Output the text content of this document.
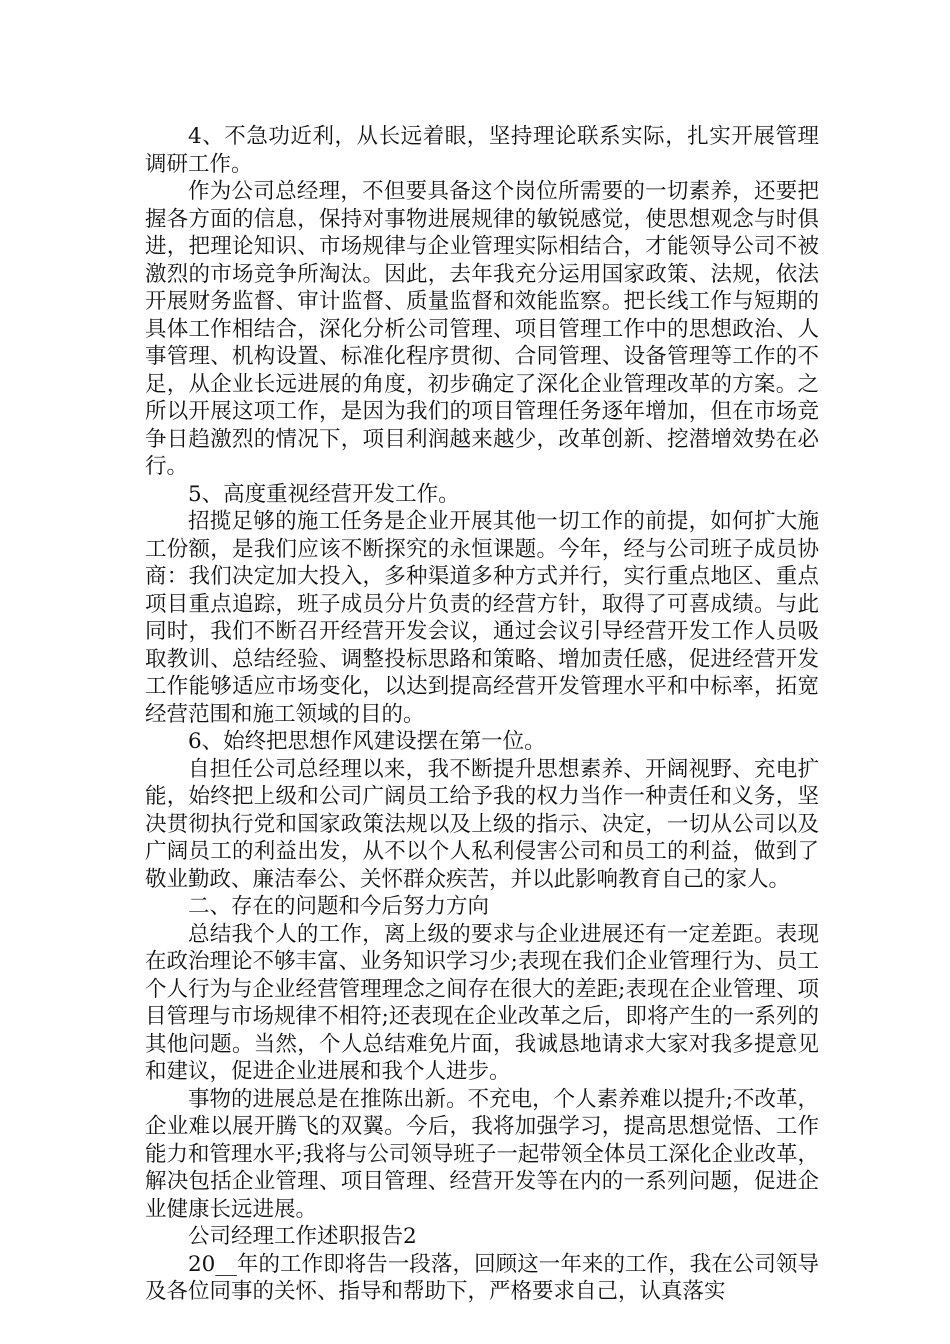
4、不急功近利，从长远着眼，坚持理论联系实际，扎实开展管理调研工作。

作为公司总经理，不但要具备这个岗位所需要的一切素养，还要把握各方面的信息，保持对事物进展规律的敏锐感觉，使思想观念与时俱进，把理论知识、市场规律与企业管理实际相结合，才能领导公司不被激烈的市场竞争所淘汰。因此，去年我充分运用国家政策、法规，依法开展财务监督、审计监督、质量监督和效能监察。把长线工作与短期的具体工作相结合，深化分析公司管理、项目管理工作中的思想政治、人事管理、机构设置、标准化程序贯彻、合同管理、设备管理等工作的不足，从企业长远进展的角度，初步确定了深化企业管理改革的方案。之所以开展这项工作，是因为我们的项目管理任务逐年增加，但在市场竞争日趋激烈的情况下，项目利润越来越少，改革创新、挖潜增效势在必行。

5、高度重视经营开发工作。

招揽足够的施工任务是企业开展其他一切工作的前提，如何扩大施工份额，是我们应该不断探究的永恒课题。今年，经与公司班子成员协商：我们决定加大投入，多种渠道多种方式并行，实行重点地区、重点项目重点追踪，班子成员分片负责的经营方针，取得了可喜成绩。与此同时，我们不断召开经营开发会议，通过会议引导经营开发工作人员吸取教训、总结经验、调整投标思路和策略、增加责任感，促进经营开发工作能够适应市场变化，以达到提高经营开发管理水平和中标率，拓宽经营范围和施工领域的目的。

6、始终把思想作风建设摆在第一位。

自担任公司总经理以来，我不断提升思想素养、开阔视野、充电扩能，始终把上级和公司广阔员工给予我的权力当作一种责任和义务，坚决贯彻执行党和国家政策法规以及上级的指示、决定，一切从公司以及广阔员工的利益出发，从不以个人私利侵害公司和员工的利益，做到了敬业勤政、廉洁奉公、关怀群众疾苦，并以此影响教育自己的家人。

二、存在的问题和今后努力方向

总结我个人的工作，离上级的要求与企业进展还有一定差距。表现在政治理论不够丰富、业务知识学习少;表现在我们企业管理行为、员工个人行为与企业经营管理理念之间存在很大的差距;表现在企业管理、项目管理与市场规律不相符;还表现在企业改革之后，即将产生的一系列的其他问题。当然，个人总结难免片面，我诚恳地请求大家对我多提意见和建议，促进企业进展和我个人进步。

事物的进展总是在推陈出新。不充电，个人素养难以提升;不改革，企业难以展开腾飞的双翼。今后，我将加强学习，提高思想觉悟、工作能力和管理水平;我将与公司领导班子一起带领全体员工深化企业改革，解决包括企业管理、项目管理、经营开发等在内的一系列问题，促进企业健康长远进展。

公司经理工作述职报告2

20__年的工作即将告一段落，回顾这一年来的工作，我在公司领导及各位同事的关怀、指导和帮助下，严格要求自己，认真落实
